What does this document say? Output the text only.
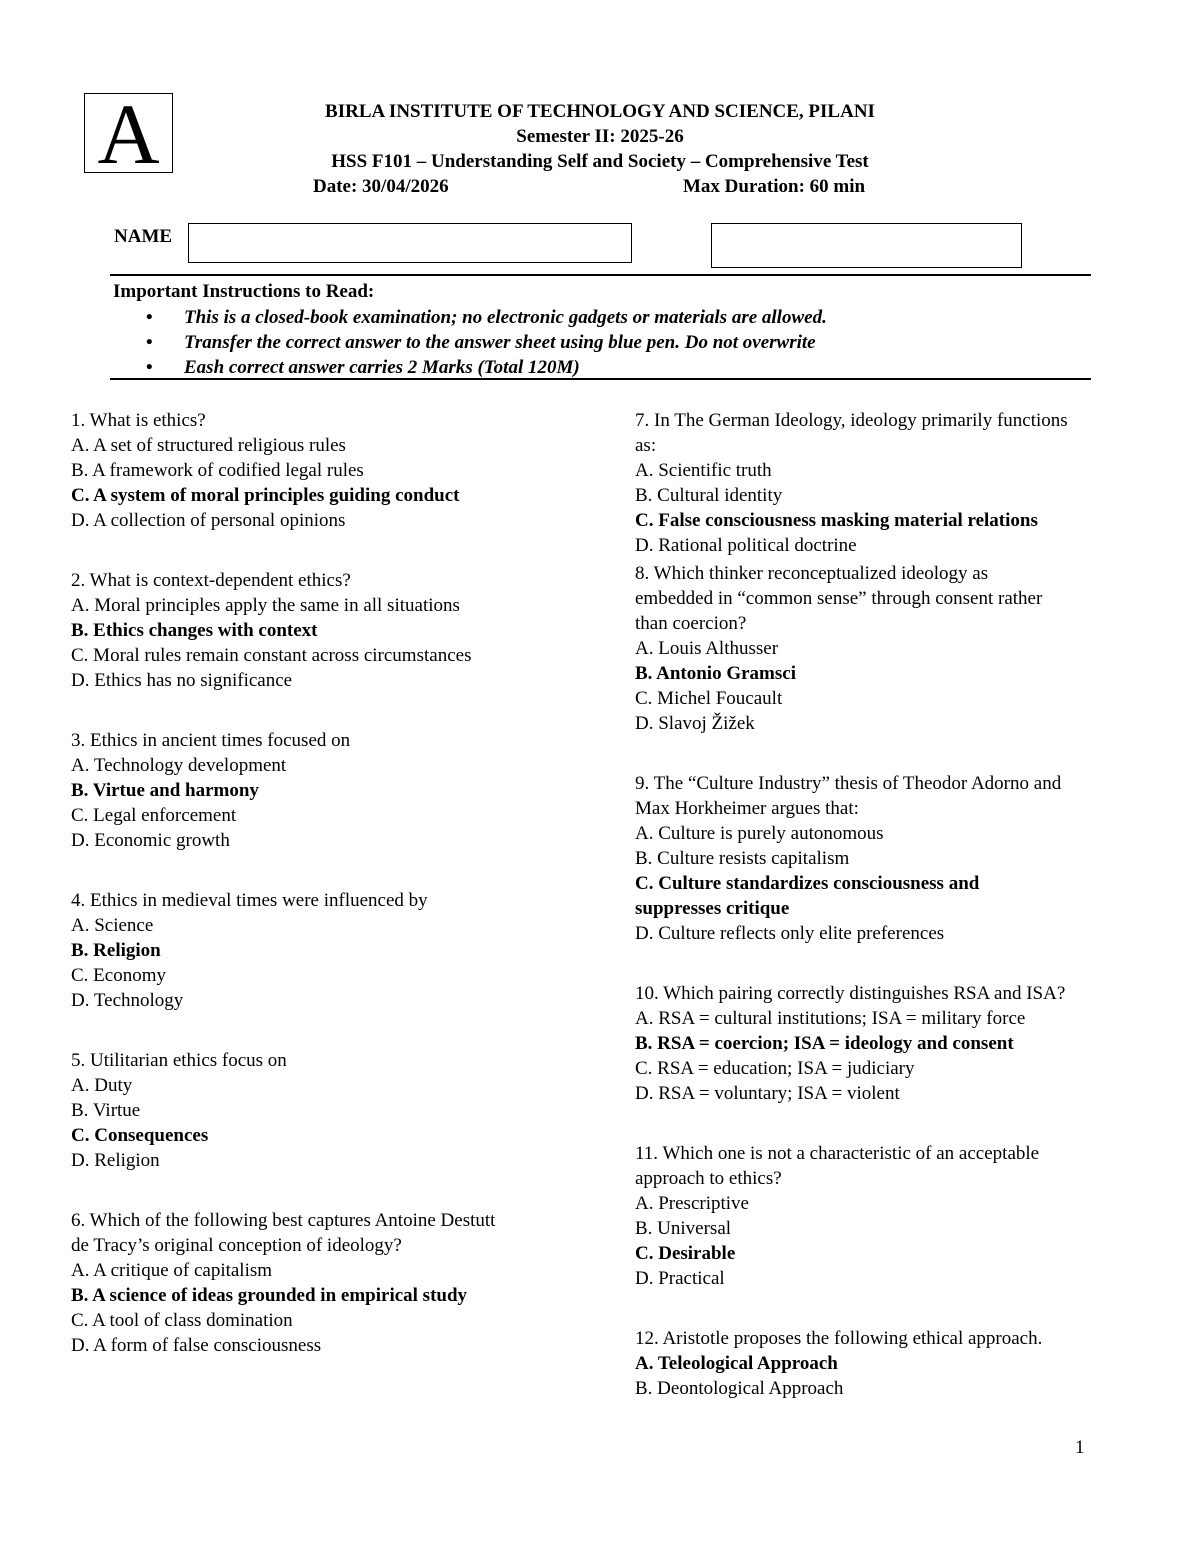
A	BIRLA INSTITUTE OF TECHNOLOGY AND SCIENCE, PILANI
Semester II: 2025-26
HSS F101 – Understanding Self and Society – Comprehensive Test
Date: 30/04/2026	Max Duration: 60 min
NAME
Important Instructions to Read:
• This is a closed-book examination; no electronic gadgets or materials are allowed.
• Transfer the correct answer to the answer sheet using blue pen. Do not overwrite
• Eash correct answer carries 2 Marks (Total 120M)
1. What is ethics?
A. A set of structured religious rules
B. A framework of codified legal rules
C. A system of moral principles guiding conduct
D. A collection of personal opinions
2. What is context-dependent ethics?
A. Moral principles apply the same in all situations
B. Ethics changes with context
C. Moral rules remain constant across circumstances
D. Ethics has no significance
3. Ethics in ancient times focused on
A. Technology development
B. Virtue and harmony
C. Legal enforcement
D. Economic growth
4. Ethics in medieval times were influenced by
A. Science
B. Religion
C. Economy
D. Technology
5. Utilitarian ethics focus on
A. Duty
B. Virtue
C. Consequences
D. Religion
6. Which of the following best captures Antoine Destutt
de Tracy’s original conception of ideology?
A. A critique of capitalism
B. A science of ideas grounded in empirical study
C. A tool of class domination
D. A form of false consciousness
7. In The German Ideology, ideology primarily functions
as:
A. Scientific truth
B. Cultural identity
C. False consciousness masking material relations
D. Rational political doctrine
8. Which thinker reconceptualized ideology as
embedded in “common sense” through consent rather
than coercion?
A. Louis Althusser
B. Antonio Gramsci
C. Michel Foucault
D. Slavoj Žižek
9. The “Culture Industry” thesis of Theodor Adorno and
Max Horkheimer argues that:
A. Culture is purely autonomous
B. Culture resists capitalism
C. Culture standardizes consciousness and
suppresses critique
D. Culture reflects only elite preferences
10. Which pairing correctly distinguishes RSA and ISA?
A. RSA = cultural institutions; ISA = military force
B. RSA = coercion; ISA = ideology and consent
C. RSA = education; ISA = judiciary
D. RSA = voluntary; ISA = violent
11. Which one is not a characteristic of an acceptable
approach to ethics?
A. Prescriptive
B. Universal
C. Desirable
D. Practical
12. Aristotle proposes the following ethical approach.
A. Teleological Approach
B. Deontological Approach
1
